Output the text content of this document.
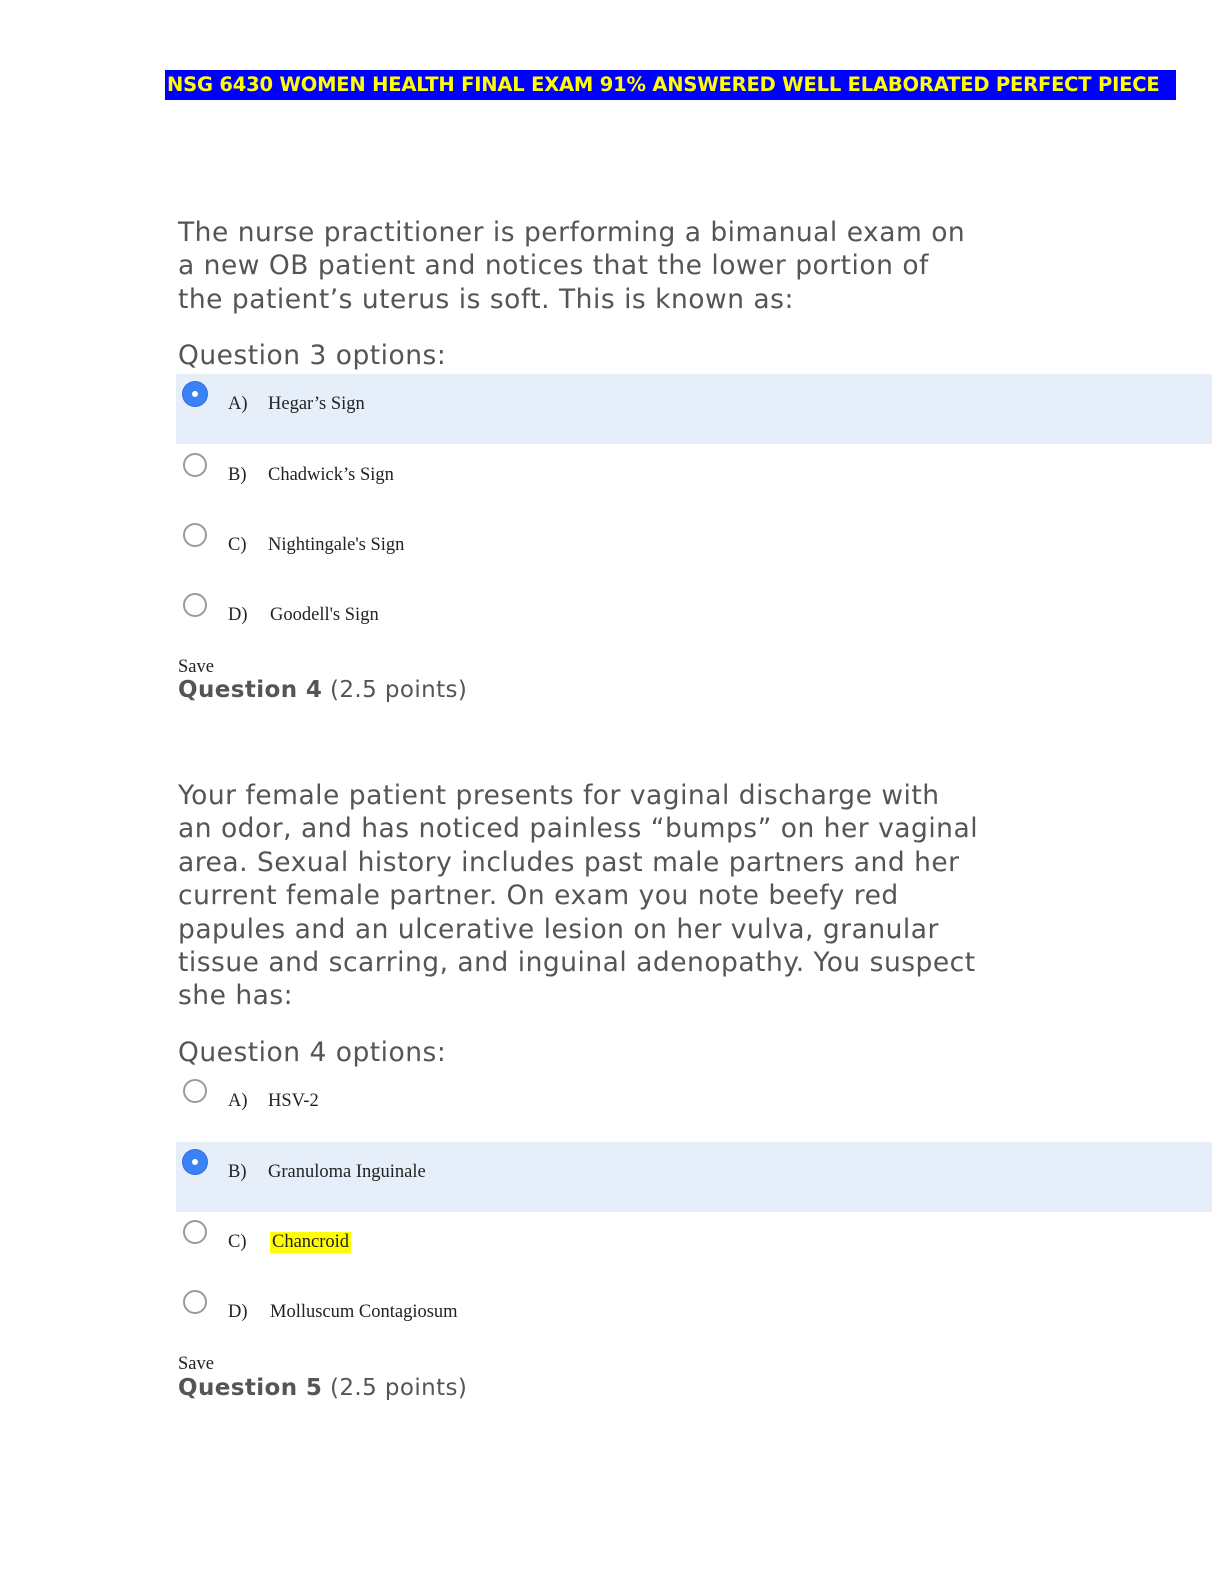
NSG 6430 WOMEN HEALTH FINAL EXAM 91% ANSWERED WELL ELABORATED PERFECT PIECE
The nurse practitioner is performing a bimanual exam on
a new OB patient and notices that the lower portion of
the patient’s uterus is soft. This is known as:
Question 3 options:
A) Hegar’s Sign
B) Chadwick’s Sign
C) Nightingale's Sign
D) Goodell's Sign
Save
Question 4 (2.5 points)
Your female patient presents for vaginal discharge with
an odor, and has noticed painless “bumps” on her vaginal
area. Sexual history includes past male partners and her
current female partner. On exam you note beefy red
papules and an ulcerative lesion on her vulva, granular
tissue and scarring, and inguinal adenopathy. You suspect
she has:
Question 4 options:
A) HSV-2
B) Granuloma Inguinale
C) Chancroid
D) Molluscum Contagiosum
Save
Question 5 (2.5 points)
